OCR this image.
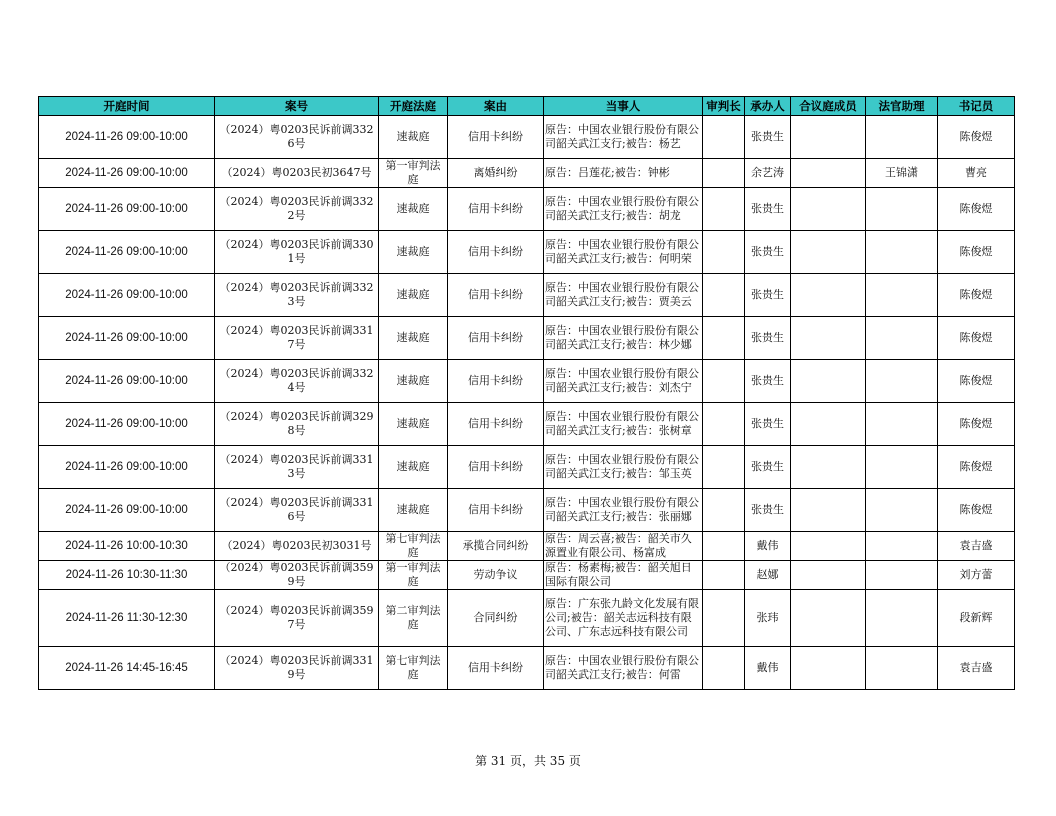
开庭时间	案号	开庭法庭	案由	当事人	审判长	承办人	合议庭成员	法官助理	书记员

2024-11-26 09:00-10:00	（2024）粤0203民诉前调3326号	速裁庭	信用卡纠纷	原告：中国农业银行股份有限公司韶关武江支行;被告：杨艺		张贵生			陈俊煜

2024-11-26 09:00-10:00	（2024）粤0203民初3647号	第一审判法庭	离婚纠纷	原告：吕莲花;被告：钟彬		余艺涛		王锦潇	曹亮

2024-11-26 09:00-10:00	（2024）粤0203民诉前调3322号	速裁庭	信用卡纠纷	原告：中国农业银行股份有限公司韶关武江支行;被告：胡龙		张贵生			陈俊煜

2024-11-26 09:00-10:00	（2024）粤0203民诉前调3301号	速裁庭	信用卡纠纷	原告：中国农业银行股份有限公司韶关武江支行;被告：何明荣		张贵生			陈俊煜

2024-11-26 09:00-10:00	（2024）粤0203民诉前调3323号	速裁庭	信用卡纠纷	原告：中国农业银行股份有限公司韶关武江支行;被告：贾美云		张贵生			陈俊煜

2024-11-26 09:00-10:00	（2024）粤0203民诉前调3317号	速裁庭	信用卡纠纷	原告：中国农业银行股份有限公司韶关武江支行;被告：林少娜		张贵生			陈俊煜

2024-11-26 09:00-10:00	（2024）粤0203民诉前调3324号	速裁庭	信用卡纠纷	原告：中国农业银行股份有限公司韶关武江支行;被告：刘杰宁		张贵生			陈俊煜

2024-11-26 09:00-10:00	（2024）粤0203民诉前调3298号	速裁庭	信用卡纠纷	原告：中国农业银行股份有限公司韶关武江支行;被告：张树章		张贵生			陈俊煜

2024-11-26 09:00-10:00	（2024）粤0203民诉前调3313号	速裁庭	信用卡纠纷	原告：中国农业银行股份有限公司韶关武江支行;被告：邹玉英		张贵生			陈俊煜

2024-11-26 09:00-10:00	（2024）粤0203民诉前调3316号	速裁庭	信用卡纠纷	原告：中国农业银行股份有限公司韶关武江支行;被告：张丽娜		张贵生			陈俊煜

2024-11-26 10:00-10:30	（2024）粤0203民初3031号	第七审判法庭	承揽合同纠纷	原告：周云喜;被告：韶关市久源置业有限公司、杨富成		戴伟			袁吉盛

2024-11-26 10:30-11:30	（2024）粤0203民诉前调3599号	第一审判法庭	劳动争议	原告：杨素梅;被告：韶关旭日国际有限公司		赵娜			刘方蕾

2024-11-26 11:30-12:30	（2024）粤0203民诉前调3597号	第二审判法庭	合同纠纷	原告：广东张九龄文化发展有限公司;被告：韶关志远科技有限公司、广东志远科技有限公司		张玮			段新辉

2024-11-26 14:45-16:45	（2024）粤0203民诉前调3319号	第七审判法庭	信用卡纠纷	原告：中国农业银行股份有限公司韶关武江支行;被告：何雷		戴伟			袁吉盛
第 31 页，共 35 页
